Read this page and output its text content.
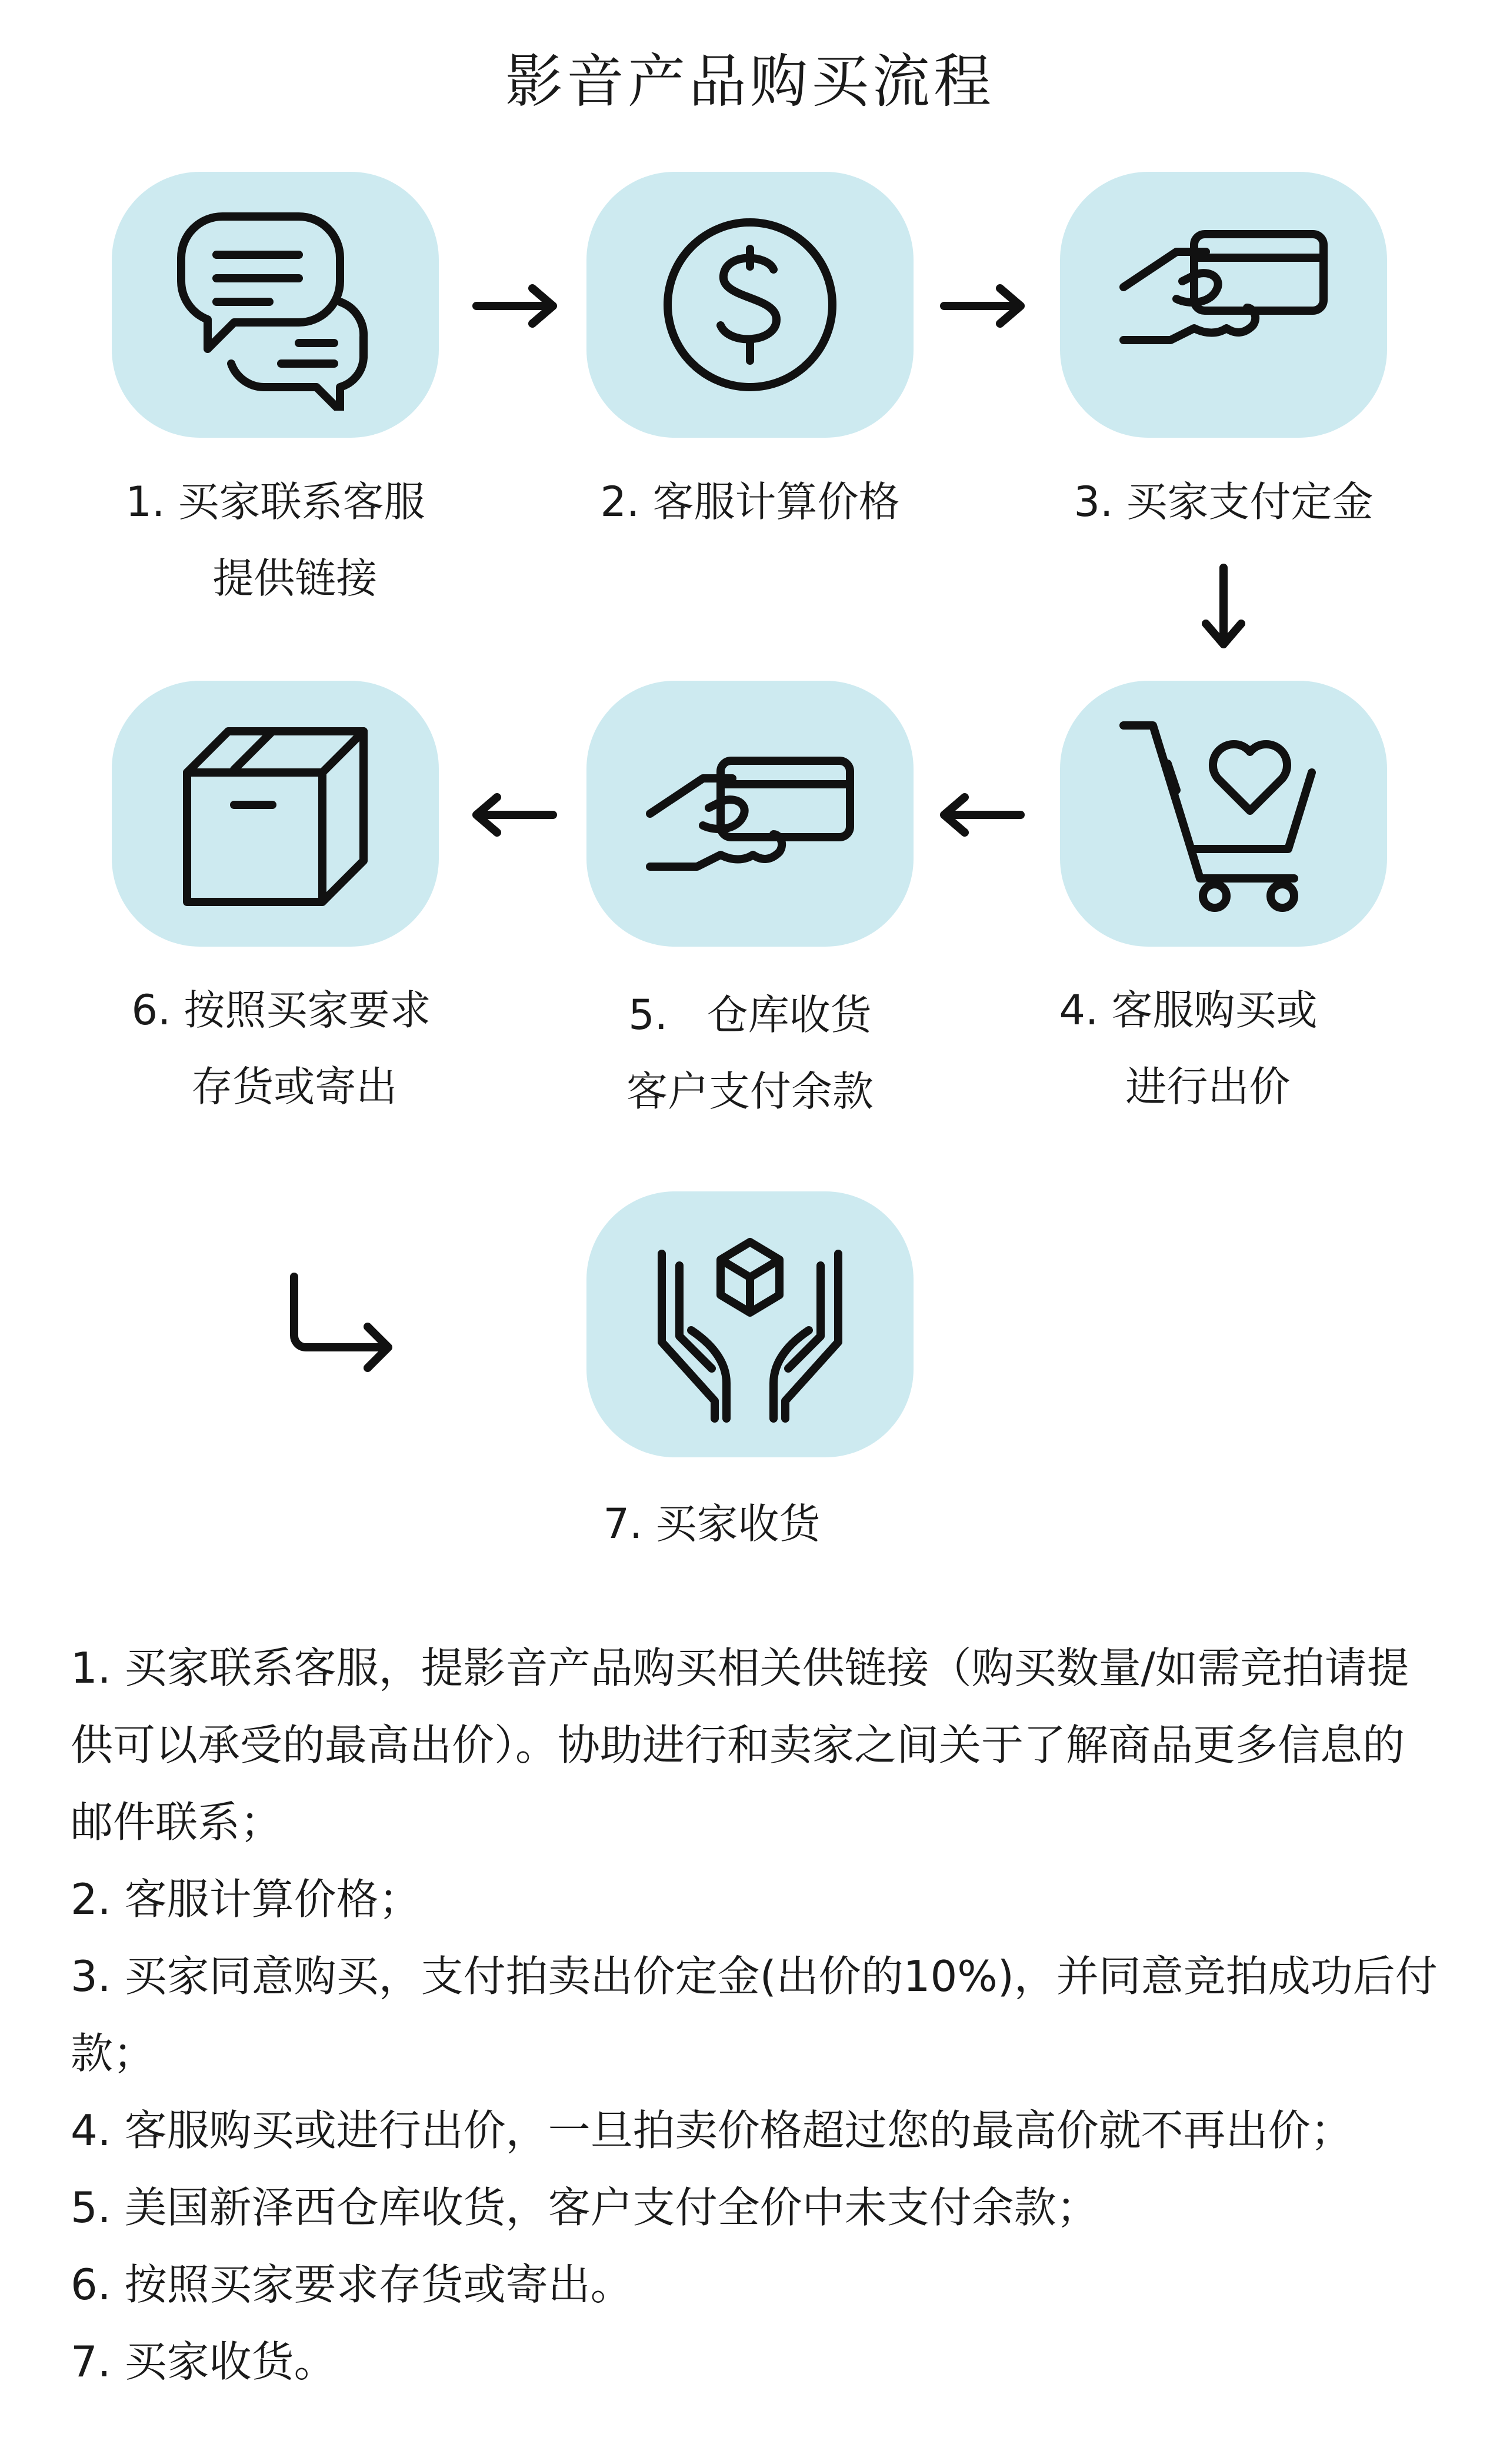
影音产品购买流程
1. 买家联系客服
提供链接
2. 客服计算价格	3. 买家支付定金
6. 按照买家要求
存货或寄出
5.   仓库收货
客户支付余款
4. 客服购买或
进行出价
7. 买家收货

1. 买家联系客服，提影音产品购买相关供链接（购买数量/如需竞拍请提供可以承受的最高出价）。协助进行和卖家之间关于了解商品更多信息的邮件联系；

2. 客服计算价格；

3. 买家同意购买，支付拍卖出价定金(出价的10%)，并同意竞拍成功后付款；

4. 客服购买或进行出价，一旦拍卖价格超过您的最高价就不再出价；

5. 美国新泽西仓库收货，客户支付全价中未支付余款；

6. 按照买家要求存货或寄出。

7. 买家收货。
